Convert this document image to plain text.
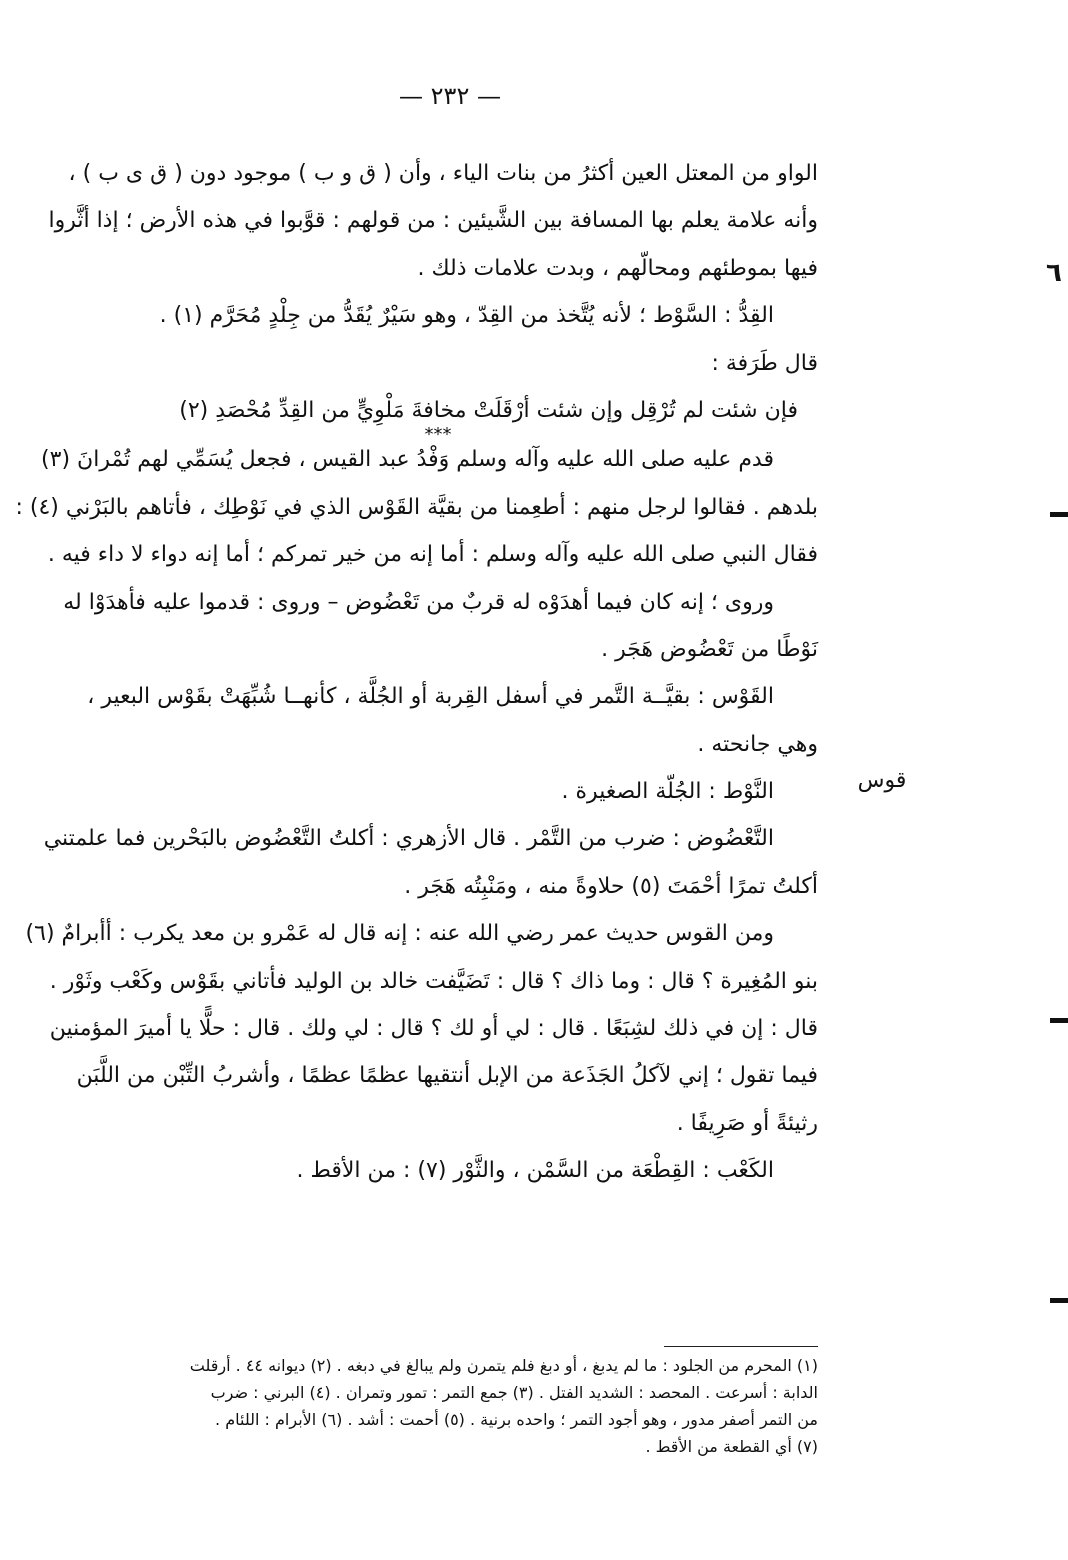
— ٢٣٢ —
الواو من المعتل العين أكثرُ من بنات الياء ، وأن ( ق و ب ) موجود دون ( ق ى ب ) ،
وأنه علامة يعلم بها المسافة بين الشَّيئين : من قولهم : قوَّبوا في هذه الأرض ؛ إذا أثَّروا
فيها بموطئهم ومحالّهم ، وبدت علامات ذلك .
القِدُّ : السَّوْط ؛ لأنه يُتَّخذ من القِدّ ، وهو سَيْرٌ يُقَدُّ من جِلْدٍ مُحَرَّم (١) .
قال طَرَفة :
فإن شئت لم تُرْقِل وإن شئت أرْقَلَتْ مخافةَ مَلْوِيٍّ من القِدِّ مُحْصَدِ (٢)
***
قدم عليه صلى الله عليه وآله وسلم وَفْدُ عبد القيس ، فجعل يُسَمِّي لهم تُمْرانَ (٣)
بلدهم . فقالوا لرجل منهم : أطعِمنا من بقيَّة القَوْس الذي في نَوْطِك ، فأتاهم بالبَرْني (٤) :
فقال النبي صلى الله عليه وآله وسلم : أما إنه من خير تمركم ؛ أما إنه دواء لا داء فيه .
وروى ؛ إنه كان فيما أهدَوْه له قربٌ من تَعْضُوض – وروى : قدموا عليه فأهدَوْا له
نَوْطًا من تَعْضُوض هَجَر .
القَوْس : بقيَّــة التَّمر في أسفل القِربة أو الجُلَّة ، كأنهــا شُبِّهَتْ بقَوْس البعير ،
وهي جانحته .
النَّوْط : الجُلّة الصغيرة .
التَّعْضُوض : ضرب من التَّمْر . قال الأزهري : أكلتُ التَّعْضُوض بالبَحْرين فما علمتني
أكلتُ تمرًا أحْمَتَ (٥) حلاوةً منه ، ومَنْبِتُه هَجَر .
ومن القوس حديث عمر رضي الله عنه : إنه قال له عَمْرو بن معد يكرب : أأبرامٌ (٦)
بنو المُغِيرة ؟ قال : وما ذاك ؟ قال : تَضَيَّفت خالد بن الوليد فأتاني بقَوْس وكَعْب وثَوْر .
قال : إن في ذلك لشِبَعًا . قال : لي أو لك ؟ قال : لي ولك . قال : حلًّا يا أميرَ المؤمنين
فيما تقول ؛ إني لآكلُ الجَذَعة من الإبل أنتقيها عظمًا عظمًا ، وأشربُ التِّبْن من اللَّبَن
رثيئةً أو صَرِيفًا .
الكَعْب : القِطْعَة من السَّمْن ، والثَّوْر (٧) : من الأقط .
قوس
٦
(١) المحرم من الجلود : ما لم يدبغ ، أو دبغ فلم يتمرن ولم يبالغ في دبغه . (٢) ديوانه ٤٤ . أرقلت
الدابة : أسرعت . المحصد : الشديد الفتل . (٣) جمع التمر : تمور وتمران . (٤) البرني : ضرب
من التمر أصفر مدور ، وهو أجود التمر ؛ واحده برنية . (٥) أحمت : أشد . (٦) الأبرام : اللئام .
(٧) أي القطعة من الأقط .
